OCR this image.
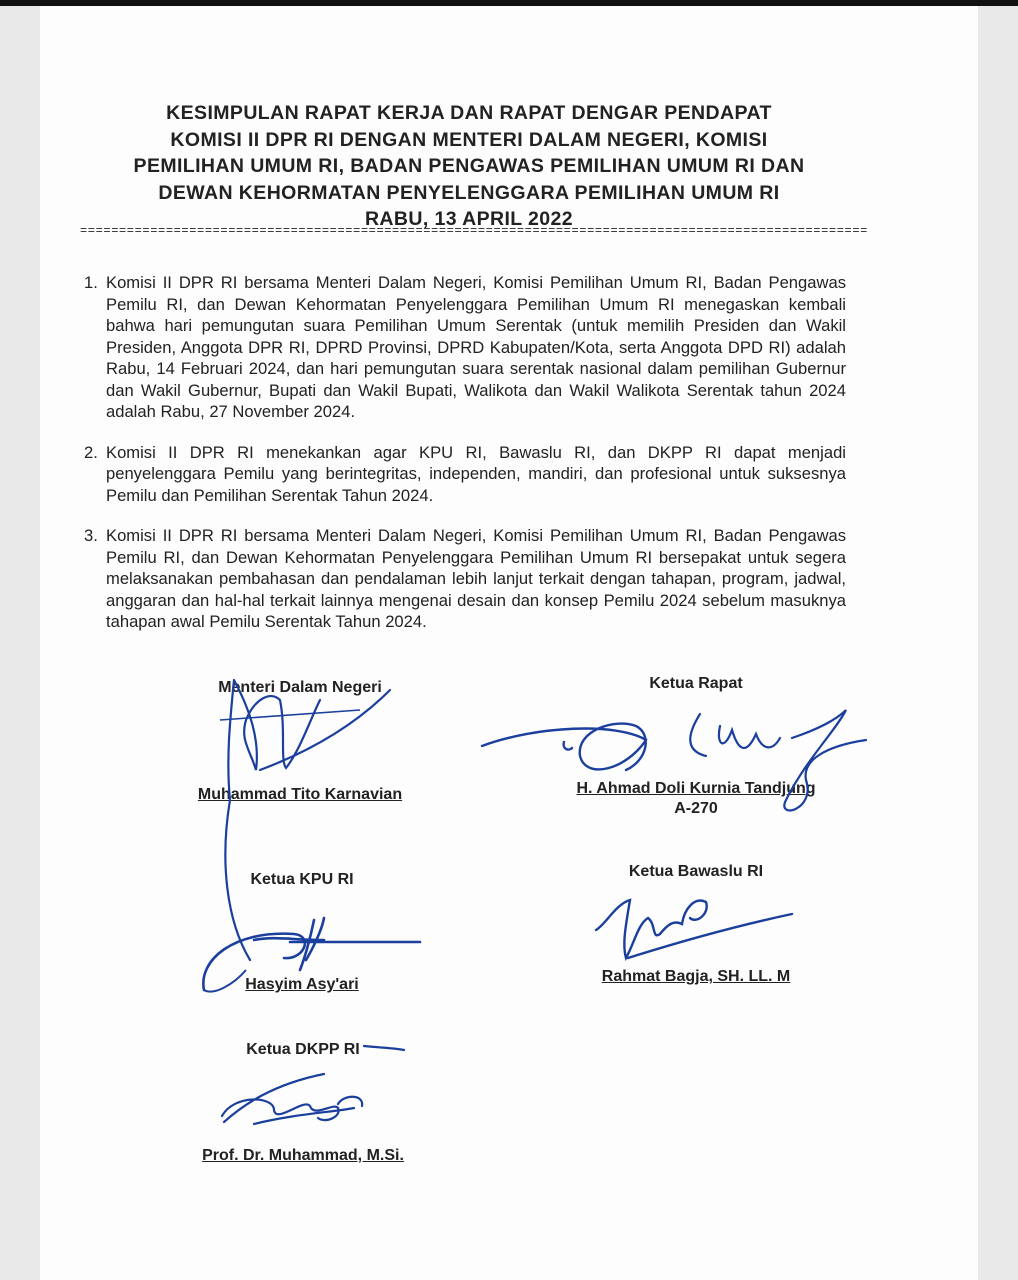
KESIMPULAN RAPAT KERJA DAN RAPAT DENGAR PENDAPAT
KOMISI II DPR RI DENGAN MENTERI DALAM NEGERI, KOMISI
PEMILIHAN UMUM RI, BADAN PENGAWAS PEMILIHAN UMUM RI DAN
DEWAN KEHORMATAN PENYELENGGARA PEMILIHAN UMUM RI
RABU, 13 APRIL 2022
=====================================================================================================
1. Komisi II DPR RI bersama Menteri Dalam Negeri, Komisi Pemilihan Umum RI, Badan Pengawas Pemilu RI, dan Dewan Kehormatan Penyelenggara Pemilihan Umum RI menegaskan kembali bahwa hari pemungutan suara Pemilihan Umum Serentak (untuk memilih Presiden dan Wakil Presiden, Anggota DPR RI, DPRD Provinsi, DPRD Kabupaten/Kota, serta Anggota DPD RI) adalah Rabu, 14 Februari 2024, dan hari pemungutan suara serentak nasional dalam pemilihan Gubernur dan Wakil Gubernur, Bupati dan Wakil Bupati, Walikota dan Wakil Walikota Serentak tahun 2024 adalah Rabu, 27 November 2024.
2. Komisi II DPR RI menekankan agar KPU RI, Bawaslu RI, dan DKPP RI dapat menjadi penyelenggara Pemilu yang berintegritas, independen, mandiri, dan profesional untuk suksesnya Pemilu dan Pemilihan Serentak Tahun 2024.
3. Komisi II DPR RI bersama Menteri Dalam Negeri, Komisi Pemilihan Umum RI, Badan Pengawas Pemilu RI, dan Dewan Kehormatan Penyelenggara Pemilihan Umum RI bersepakat untuk segera melaksanakan pembahasan dan pendalaman lebih lanjut terkait dengan tahapan, program, jadwal, anggaran dan hal-hal terkait lainnya mengenai desain dan konsep Pemilu 2024 sebelum masuknya tahapan awal Pemilu Serentak Tahun 2024.
Menteri Dalam Negeri
Muhammad Tito Karnavian
Ketua Rapat
H. Ahmad Doli Kurnia Tandjung
A-270
Ketua KPU RI
Hasyim Asy'ari
Ketua Bawaslu RI
Rahmat Bagja, SH. LL. M
Ketua DKPP RI
Prof. Dr. Muhammad, M.Si.
